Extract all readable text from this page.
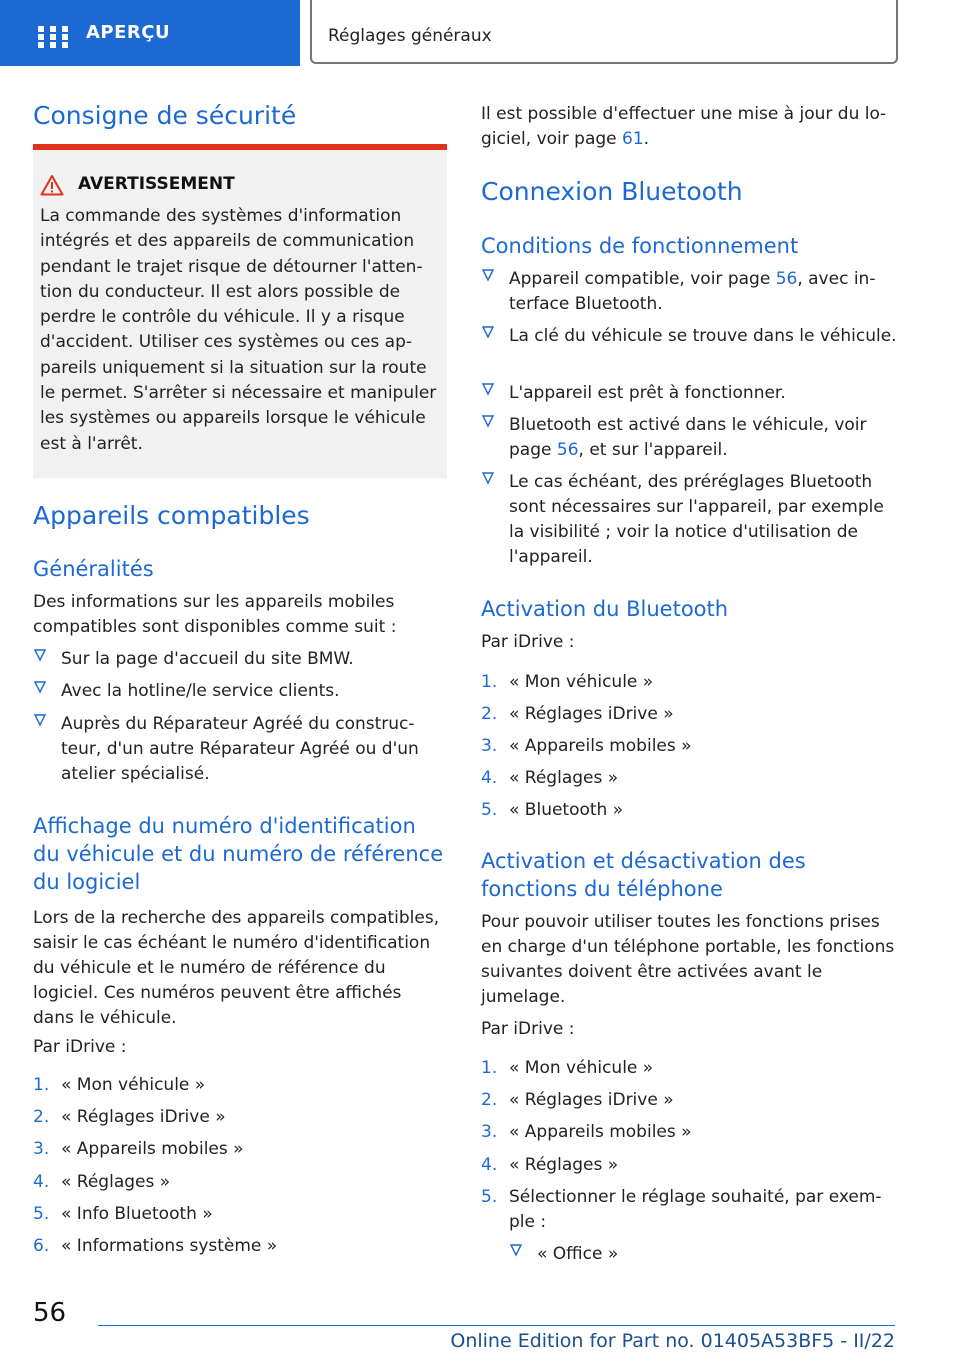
APERÇU	Réglages généraux
Consigne de sécurité
AVERTISSEMENT
La commande des systèmes d'information intégrés et des appareils de communication pendant le trajet risque de détourner l'attention du conducteur. Il est alors possible de perdre le contrôle du véhicule. Il y a risque d'accident. Utiliser ces systèmes ou ces appareils uniquement si la situation sur la route le permet. S'arrêter si nécessaire et manipuler les systèmes ou appareils lorsque le véhicule est à l'arrêt.
Appareils compatibles
Généralités
Des informations sur les appareils mobiles compatibles sont disponibles comme suit :
Sur la page d'accueil du site BMW.
Avec la hotline/le service clients.
Auprès du Réparateur Agréé du constructeur, d'un autre Réparateur Agréé ou d'un atelier spécialisé.
Affichage du numéro d'identification du véhicule et du numéro de référence du logiciel
Lors de la recherche des appareils compatibles, saisir le cas échéant le numéro d'identification du véhicule et le numéro de référence du logiciel. Ces numéros peuvent être affichés dans le véhicule.
Par iDrive :
1. « Mon véhicule »
2. « Réglages iDrive »
3. « Appareils mobiles »
4. « Réglages »
5. « Info Bluetooth »
6. « Informations système »
Il est possible d'effectuer une mise à jour du logiciel, voir page 61.
Connexion Bluetooth
Conditions de fonctionnement
Appareil compatible, voir page 56, avec interface Bluetooth.
La clé du véhicule se trouve dans le véhicule.
L'appareil est prêt à fonctionner.
Bluetooth est activé dans le véhicule, voir page 56, et sur l'appareil.
Le cas échéant, des préréglages Bluetooth sont nécessaires sur l'appareil, par exemple la visibilité ; voir la notice d'utilisation de l'appareil.
Activation du Bluetooth
Par iDrive :
1. « Mon véhicule »
2. « Réglages iDrive »
3. « Appareils mobiles »
4. « Réglages »
5. « Bluetooth »
Activation et désactivation des fonctions du téléphone
Pour pouvoir utiliser toutes les fonctions prises en charge d'un téléphone portable, les fonctions suivantes doivent être activées avant le jumelage.
Par iDrive :
1. « Mon véhicule »
2. « Réglages iDrive »
3. « Appareils mobiles »
4. « Réglages »
5. Sélectionner le réglage souhaité, par exemple :
« Office »
56
Online Edition for Part no. 01405A53BF5 - II/22
